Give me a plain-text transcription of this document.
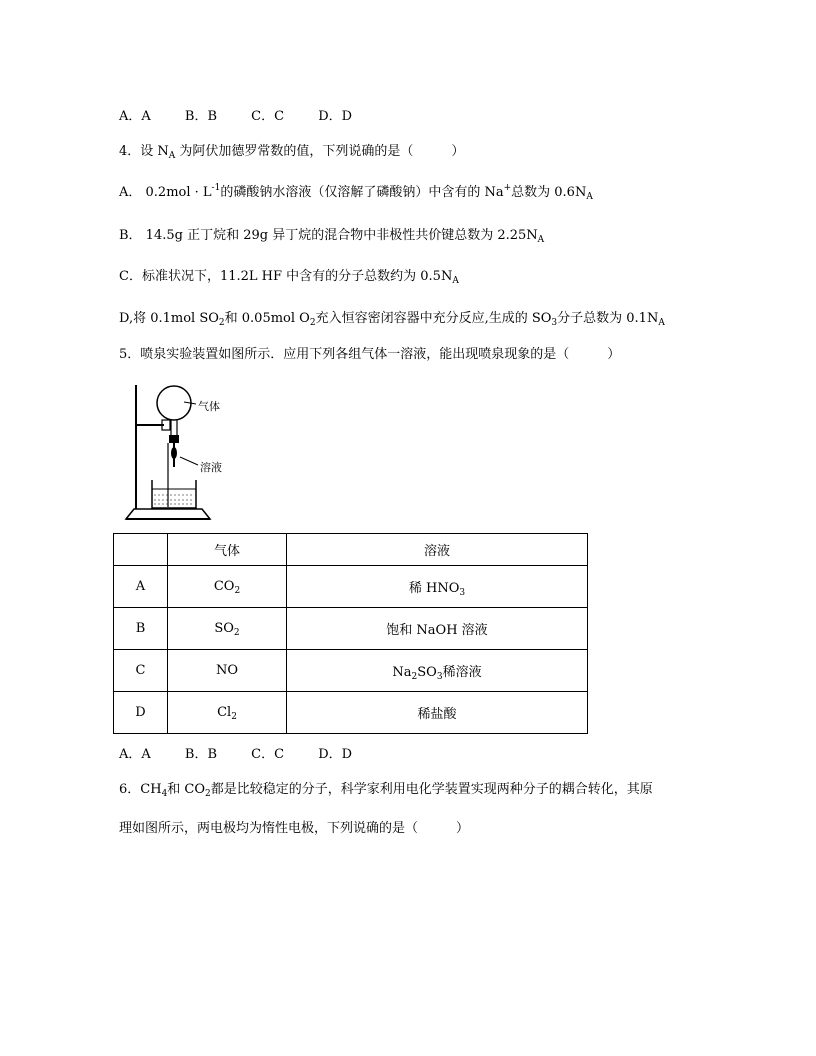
A．A	B．B	C．C	D．D
4．设 $N_A$ 为阿伏加德罗常数的值，下列说确的是（	）
A． $0.2mol \cdot L^{-1}$的磷酸钠水溶液（仅溶解了磷酸钠）中含有的 Na+总数为 $0.6N_A$
B． 14.5g 正丁烷和 29g 异丁烷的混合物中非极性共价键总数为 $2.25N_A$
C．标准状况下，11.2L HF 中含有的分子总数约为 $0.5N_A$
D,将 0.1mol $SO_2$和 0.05mol $O_2$充入恒容密闭容器中充分反应,生成的 $SO_3$分子总数为 $0.1N_A$
5．喷泉实验装置如图所示．应用下列各组气体一溶液，能出现喷泉现象的是（	）
气体
溶液
	气体	溶液
A	$CO_2$	稀 $HNO_3$
B	$SO_2$	饱和 NaOH 溶液
C	NO	$Na_2SO_3$稀溶液
D	$Cl_2$	稀盐酸
A．A	B．B	C．C	D．D
6．$CH_4$和 $CO_2$都是比较稳定的分子，科学家利用电化学装置实现两种分子的耦合转化，其原
理如图所示，两电极均为惰性电极，下列说确的是（	）
